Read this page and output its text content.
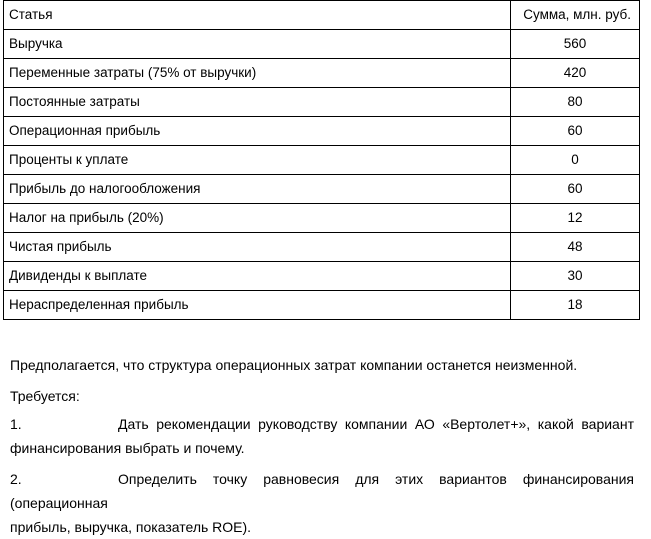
Статья	Сумма, млн. руб.
Выручка	560
Переменные затраты (75% от выручки)	420
Постоянные затраты	80
Операционная прибыль	60
Проценты к уплате	0
Прибыль до налогообложения	60
Налог на прибыль (20%)	12
Чистая прибыль	48
Дивиденды к выплате	30
Нераспределенная прибыль	18

Предполагается, что структура операционных затрат компании останется неизменной.

Требуется:

1.	Дать рекомендации руководству компании АО «Вертолет+», какой вариант
финансирования выбрать и почему.
2.	Определить точку равновесия для этих вариантов финансирования (операционная
прибыль, выручка, показатель ROE).
